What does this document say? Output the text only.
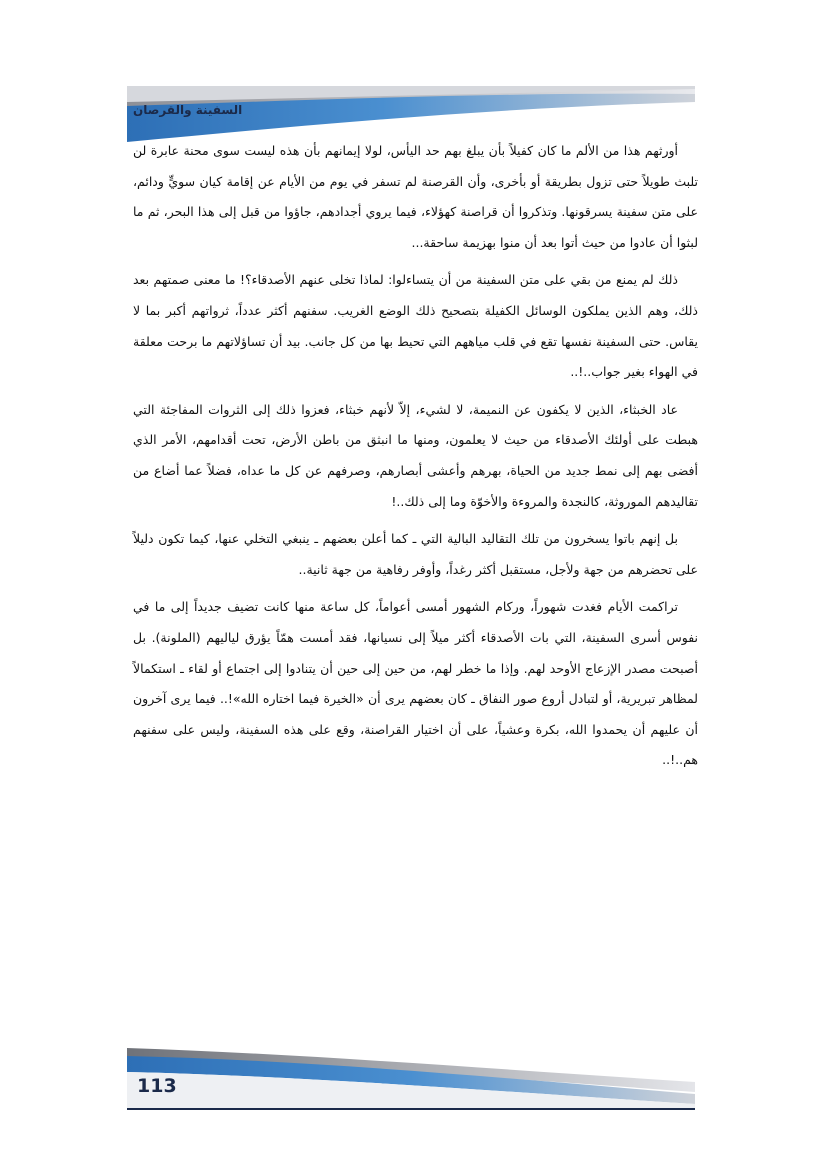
السفينة والقرصان

أورثهم هذا من الألم ما كان كفيلاً بأن يبلغ بهم حد اليأس، لولا إيمانهم بأن هذه ليست سوى محنة عابرة لن تلبث طويلاً حتى تزول بطريقة أو بأخرى، وأن القرصنة لم تسفر في يوم من الأيام عن إقامة كيان سويٍّ ودائم، على متن سفينة يسرقونها. وتذكروا أن قراصنة كهؤلاء، فيما يروي أجدادهم، جاؤوا من قبل إلى هذا البحر، ثم ما لبثوا أن عادوا من حيث أتوا بعد أن منوا بهزيمة ساحقة...

ذلك لم يمنع من بقي على متن السفينة من أن يتساءلوا: لماذا تخلى عنهم الأصدقاء؟! ما معنى صمتهم بعد ذلك، وهم الذين يملكون الوسائل الكفيلة بتصحيح ذلك الوضع الغريب. سفنهم أكثر عدداً، ثرواتهم أكبر بما لا يقاس. حتى السفينة نفسها تقع في قلب مياههم التي تحيط بها من كل جانب. بيد أن تساؤلاتهم ما برحت معلقة في الهواء بغير جواب..!..

عاد الخبثاء، الذين لا يكفون عن النميمة، لا لشيء، إلاّ لأنهم خبثاء، فعزوا ذلك إلى الثروات المفاجئة التي هبطت على أولئك الأصدقاء من حيث لا يعلمون، ومنها ما انبثق من باطن الأرض، تحت أقدامهم، الأمر الذي أفضى بهم إلى نمط جديد من الحياة، بهرهم وأعشى أبصارهم، وصرفهم عن كل ما عداه، فضلاً عما أضاع من تقاليدهم الموروثة، كالنجدة والمروءة والأخوّة وما إلى ذلك..!

بل إنهم باتوا يسخرون من تلك التقاليد البالية التي ـ كما أعلن بعضهم ـ ينبغي التخلي عنها، كيما تكون دليلاً على تحضرهم من جهة ولأجل، مستقبل أكثر رغداً، وأوفر رفاهية من جهة ثانية..

تراكمت الأيام فغدت شهوراً، وركام الشهور أمسى أعواماً، كل ساعة منها كانت تضيف جديداً إلى ما في نفوس أسرى السفينة، التي بات الأصدقاء أكثر ميلاً إلى نسيانها، فقد أمست همّاً يؤرق لياليهم (الملونة). بل أصبحت مصدر الإزعاج الأوحد لهم. وإذا ما خطر لهم، من حين إلى حين أن يتنادوا إلى اجتماع أو لقاء ـ استكمالاً لمظاهر تبريرية، أو لتبادل أروع صور النفاق ـ كان بعضهم يرى أن «الخيرة فيما اختاره الله»!.. فيما يرى آخرون أن عليهم أن يحمدوا الله، بكرة وعشياً، على أن اختيار القراصنة، وقع على هذه السفينة، وليس على سفنهم هم..!..

113
